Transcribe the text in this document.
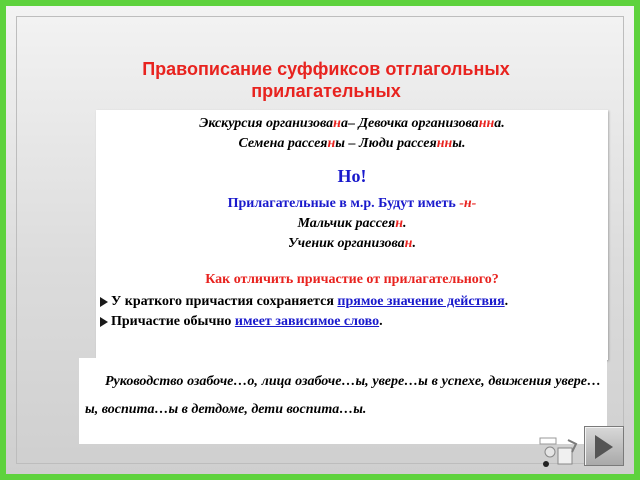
Правописание суффиксов отглагольных прилагательных
Экскурсия организована– Девочка организованна.
Семена рассеяны – Люди рассеянны.
Но!
Прилагательные в м.р. Будут иметь -н-
Мальчик рассеян.
Ученик организован.
Как отличить причастие от прилагательного?
У краткого причастия сохраняется прямое значение действия.
Причастие обычно имеет зависимое слово.
Руководство озабоче…о, лица озабоче…ы, увере…ы в успехе, движения увере…ы, воспита…ы в детдоме, дети воспита…ы.
